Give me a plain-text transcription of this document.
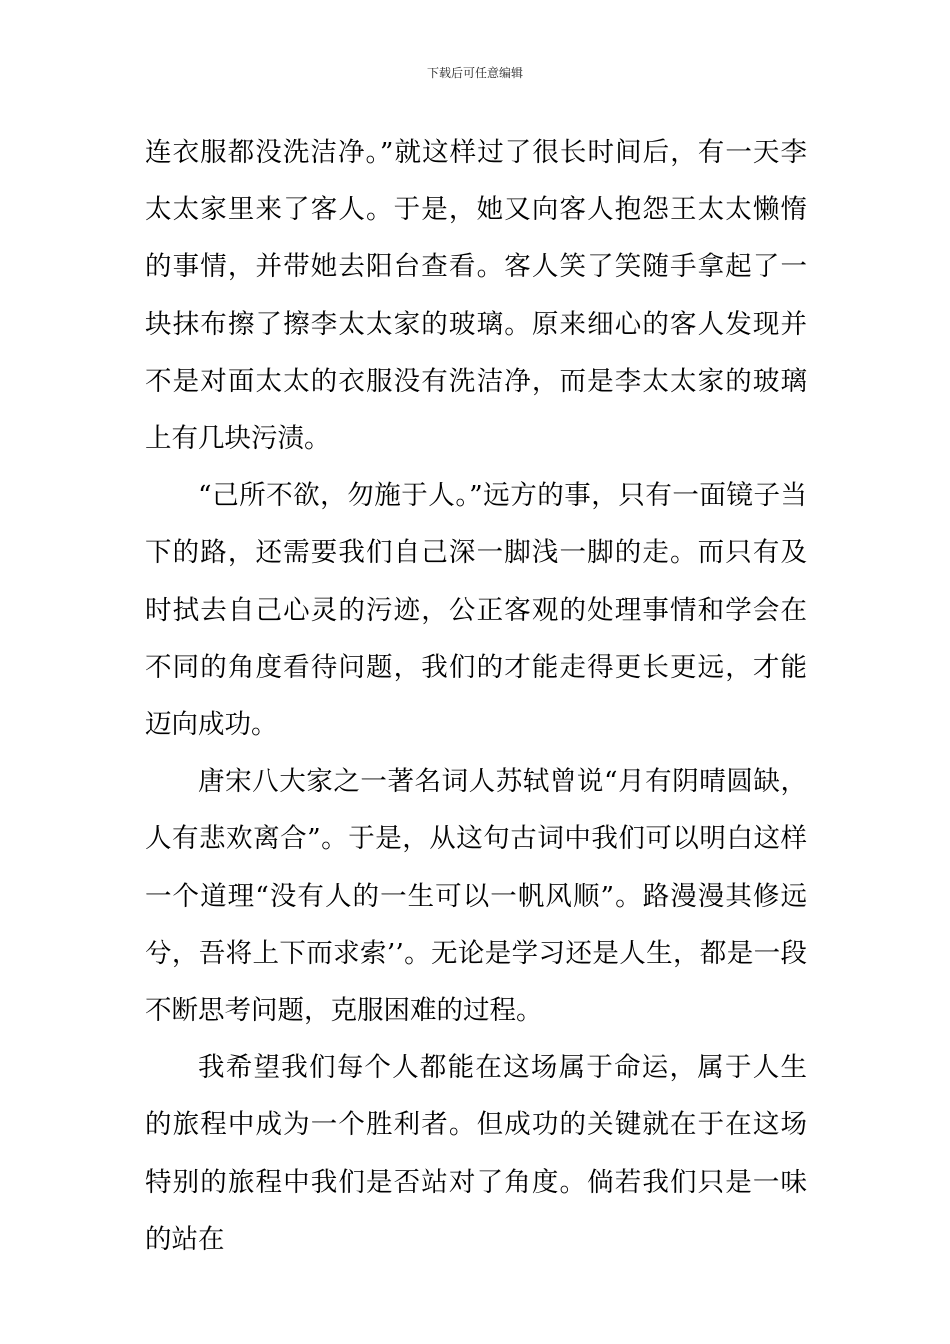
下载后可任意编辑

连衣服都没洗洁净。”就这样过了很长时间后，有一天李太太家里来了客人。于是，她又向客人抱怨王太太懒惰的事情，并带她去阳台查看。客人笑了笑随手拿起了一块抹布擦了擦李太太家的玻璃。原来细心的客人发现并不是对面太太的衣服没有洗洁净，而是李太太家的玻璃上有几块污渍。

“己所不欲，勿施于人。”远方的事，只有一面镜子当下的路，还需要我们自己深一脚浅一脚的走。而只有及时拭去自己心灵的污迹，公正客观的处理事情和学会在不同的角度看待问题，我们的才能走得更长更远，才能迈向成功。

唐宋八大家之一著名词人苏轼曾说“月有阴晴圆缺，人有悲欢离合”。于是，从这句古词中我们可以明白这样一个道理“没有人的一生可以一帆风顺”。路漫漫其修远兮，吾将上下而求索’’。无论是学习还是人生，都是一段不断思考问题，克服困难的过程。

我希望我们每个人都能在这场属于命运，属于人生的旅程中成为一个胜利者。但成功的关键就在于在这场特别的旅程中我们是否站对了角度。倘若我们只是一味的站在
